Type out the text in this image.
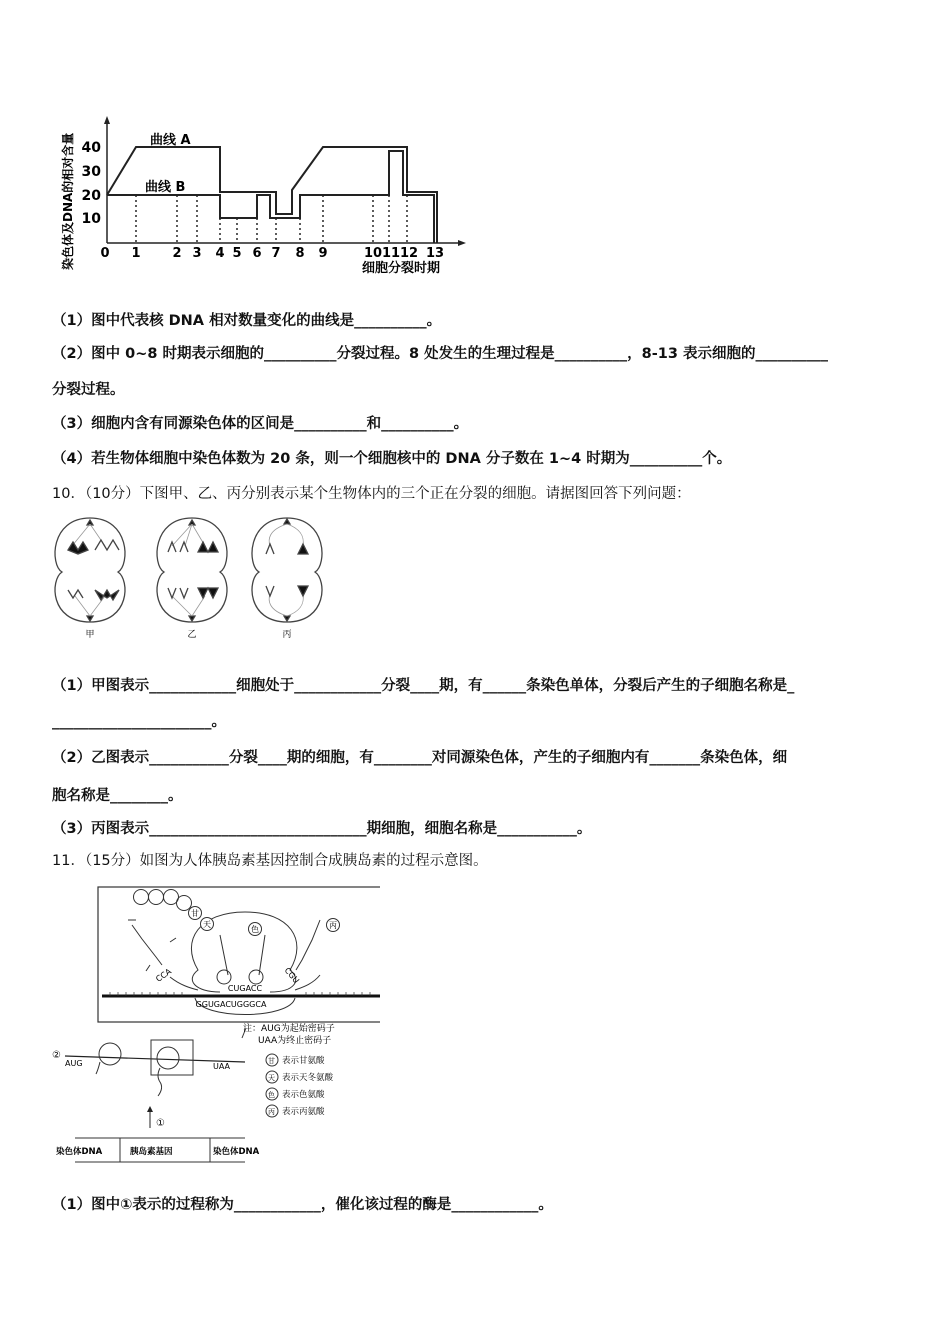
染色体及DNA的相对含量 10
20
30
40
0 1 2 3 4 5 6 7 8 9	10 11 12 13
曲线 A
曲线 B
细胞分裂时期
（1）图中代表核 DNA 相对数量变化的曲线是__________。
（2）图中 0~8 时期表示细胞的__________分裂过程。8 处发生的生理过程是__________，8-13 表示细胞的__________
分裂过程。
（3）细胞内含有同源染色体的区间是__________和__________。
（4）若生物体细胞中染色体数为 20 条，则一个细胞核中的 DNA 分子数在 1~4 时期为__________个。
10．（10分）下图甲、乙、丙分别表示某个生物体内的三个正在分裂的细胞。请据图回答下列问题：
甲	乙	丙
（1）甲图表示____________细胞处于____________分裂____期，有______条染色单体，分裂后产生的子细胞名称是_
______________________。
（2）乙图表示___________分裂____期的细胞，有________对同源染色体，产生的子细胞内有_______条染色体，细
胞名称是________。
（3）丙图表示______________________________期细胞，细胞名称是___________。
11．（15分）如图为人体胰岛素基因控制合成胰岛素的过程示意图。
甘
天
色	丙
CCA	CGU
CUGACC
GGUGACUGGGCA
注：AUG为起始密码子
UAA为终止密码子
②
AUG	UAA
甘 表示甘氨酸
天 表示天冬氨酸
色 表示色氨酸
丙 表示丙氨酸
①
染色体DNA	胰岛素基因	染色体DNA
（1）图中①表示的过程称为____________，催化该过程的酶是____________。
